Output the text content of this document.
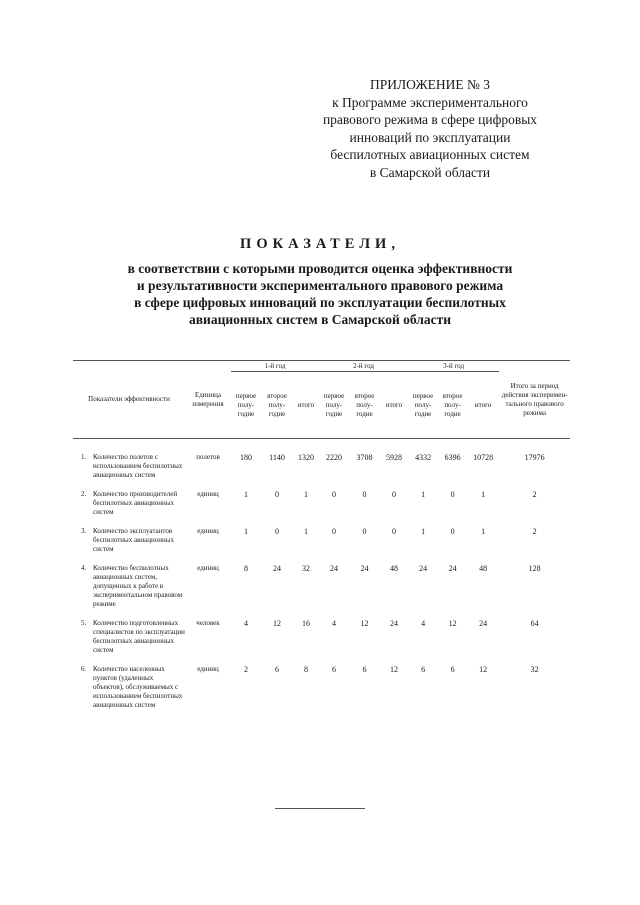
ПРИЛОЖЕНИЕ № 3
к Программе экспериментального
правового режима в сфере цифровых
инноваций по эксплуатации
беспилотных авиационных систем
в Самарской области
ПОКАЗАТЕЛИ,
в соответствии с которыми проводится оценка эффективности
и результативности экспериментального правового режима
в сфере цифровых инноваций по эксплуатации беспилотных
авиационных систем в Самарской области
Показатели эффективности		Единица измерения	1-й год			2-й год			3-й год			Итого за период действия эксперимен-тального правового режима
			первое полу-годие	второе полу-годие	итого	первое полу-годие	второе полу-годие	итого	первое полу-годие	второе полу-годие	итого	
1.	Количество полетов с использованием беспилотных авиационных систем	полетов	180	1140	1320	2220	3708	5928	4332	6396	10728	17976
2.	Количество производителей беспилотных авиационных систем	единиц	1	0	1	0	0	0	1	0	1	2
3.	Количество эксплуатантов беспилотных авиационных систем	единиц	1	0	1	0	0	0	1	0	1	2
4.	Количество беспилотных авиационных систем, допущенных к работе в экспериментальном правовом режиме	единиц	8	24	32	24	24	48	24	24	48	128
5.	Количество подготовленных специалистов по эксплуатации беспилотных авиационных систем	человек	4	12	16	4	12	24	4	12	24	64
6.	Количество населенных пунктов (удаленных объектов), обслуживаемых с использованием беспилотных авиационных систем	единиц	2	6	8	6	6	12	6	6	12	32
